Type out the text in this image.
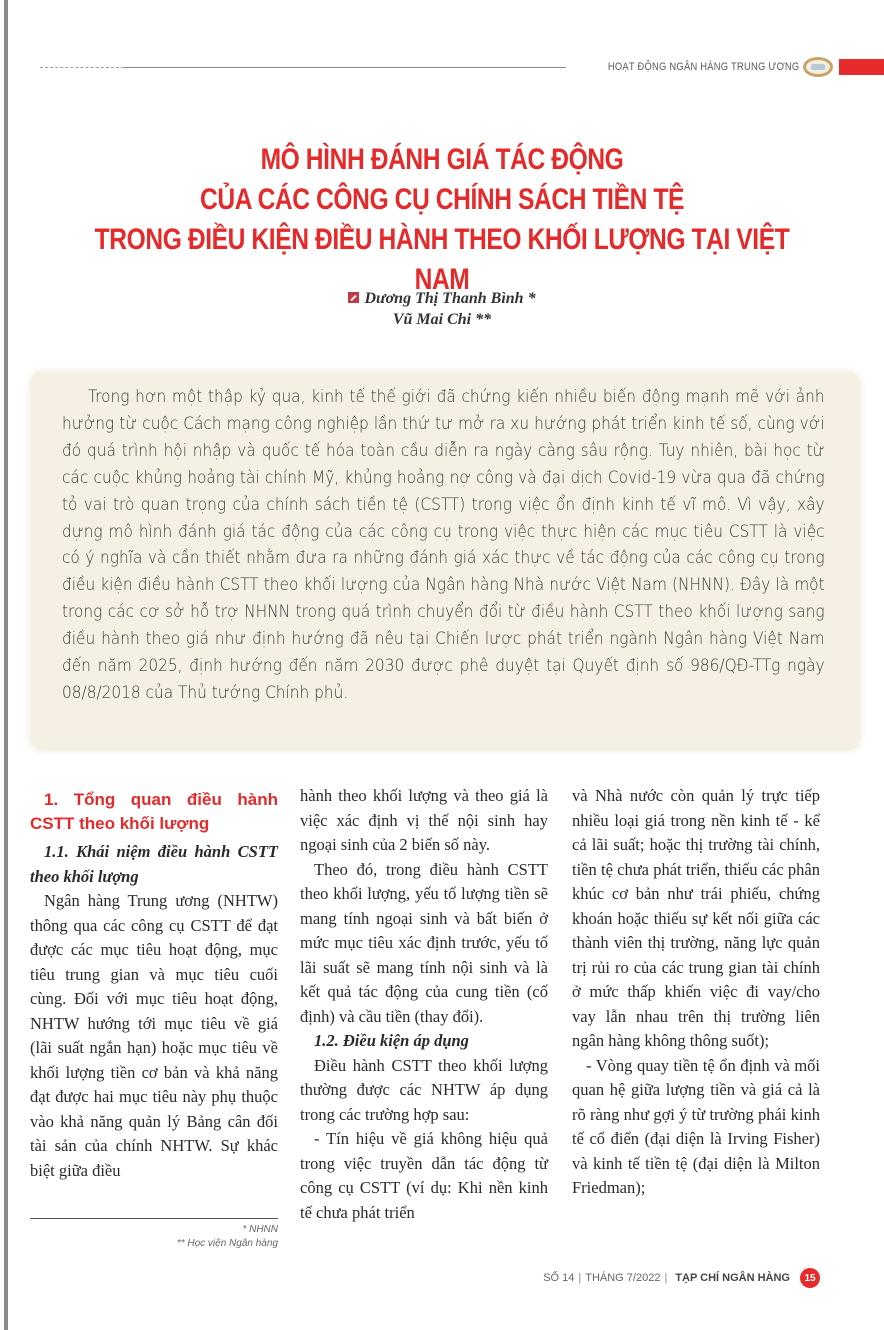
HOẠT ĐỘNG NGÂN HÀNG TRUNG ƯƠNG
MÔ HÌNH ĐÁNH GIÁ TÁC ĐỘNG
CỦA CÁC CÔNG CỤ CHÍNH SÁCH TIỀN TỆ
TRONG ĐIỀU KIỆN ĐIỀU HÀNH THEO KHỐI LƯỢNG TẠI VIỆT NAM
Dương Thị Thanh Bình *
Vũ Mai Chi **

Trong hơn một thập kỷ qua, kinh tế thế giới đã chứng kiến nhiều biến động mạnh mẽ với ảnh hưởng từ cuộc Cách mạng công nghiệp lần thứ tư mở ra xu hướng phát triển kinh tế số, cùng với đó quá trình hội nhập và quốc tế hóa toàn cầu diễn ra ngày càng sâu rộng. Tuy nhiên, bài học từ các cuộc khủng hoảng tài chính Mỹ, khủng hoảng nợ công và đại dịch Covid-19 vừa qua đã chứng tỏ vai trò quan trọng của chính sách tiền tệ (CSTT) trong việc ổn định kinh tế vĩ mô. Vì vậy, xây dựng mô hình đánh giá tác động của các công cụ trong việc thực hiện các mục tiêu CSTT là việc có ý nghĩa và cần thiết nhằm đưa ra những đánh giá xác thực về tác động của các công cụ trong điều kiện điều hành CSTT theo khối lượng của Ngân hàng Nhà nước Việt Nam (NHNN). Đây là một trong các cơ sở hỗ trợ NHNN trong quá trình chuyển đổi từ điều hành CSTT theo khối lượng sang điều hành theo giá như định hướng đã nêu tại Chiến lược phát triển ngành Ngân hàng Việt Nam đến năm 2025, định hướng đến năm 2030 được phê duyệt tại Quyết định số 986/QĐ-TTg ngày 08/8/2018 của Thủ tướng Chính phủ.

1. Tổng quan điều hành CSTT theo khối lượng

1.1. Khái niệm điều hành CSTT theo khối lượng

Ngân hàng Trung ương (NHTW) thông qua các công cụ CSTT để đạt được các mục tiêu hoạt động, mục tiêu trung gian và mục tiêu cuối cùng. Đối với mục tiêu hoạt động, NHTW hướng tới mục tiêu về giá (lãi suất ngắn hạn) hoặc mục tiêu về khối lượng tiền cơ bản và khả năng đạt được hai mục tiêu này phụ thuộc vào khả năng quản lý Bảng cân đối tài sản của chính NHTW. Sự khác biệt giữa điều

* NHNN
** Học viện Ngân hàng

hành theo khối lượng và theo giá là việc xác định vị thế nội sinh hay ngoại sinh của 2 biến số này.

Theo đó, trong điều hành CSTT theo khối lượng, yếu tố lượng tiền sẽ mang tính ngoại sinh và bất biến ở mức mục tiêu xác định trước, yếu tố lãi suất sẽ mang tính nội sinh và là kết quả tác động của cung tiền (cố định) và cầu tiền (thay đổi).

1.2. Điều kiện áp dụng

Điều hành CSTT theo khối lượng thường được các NHTW áp dụng trong các trường hợp sau:

- Tín hiệu về giá không hiệu quả trong việc truyền dẫn tác động từ công cụ CSTT (ví dụ: Khi nền kinh tế chưa phát triển

và Nhà nước còn quản lý trực tiếp nhiều loại giá trong nền kinh tế - kể cả lãi suất; hoặc thị trường tài chính, tiền tệ chưa phát triển, thiếu các phân khúc cơ bản như trái phiếu, chứng khoán hoặc thiếu sự kết nối giữa các thành viên thị trường, năng lực quản trị rủi ro của các trung gian tài chính ở mức thấp khiến việc đi vay/cho vay lẫn nhau trên thị trường liên ngân hàng không thông suốt);

- Vòng quay tiền tệ ổn định và mối quan hệ giữa lượng tiền và giá cả là rõ ràng như gợi ý từ trường phái kinh tế cổ điển (đại diện là Irving Fisher) và kinh tế tiền tệ (đại diện là Milton Friedman);

SỐ 14 | THÁNG 7/2022 | TẠP CHÍ NGÂN HÀNG	15
